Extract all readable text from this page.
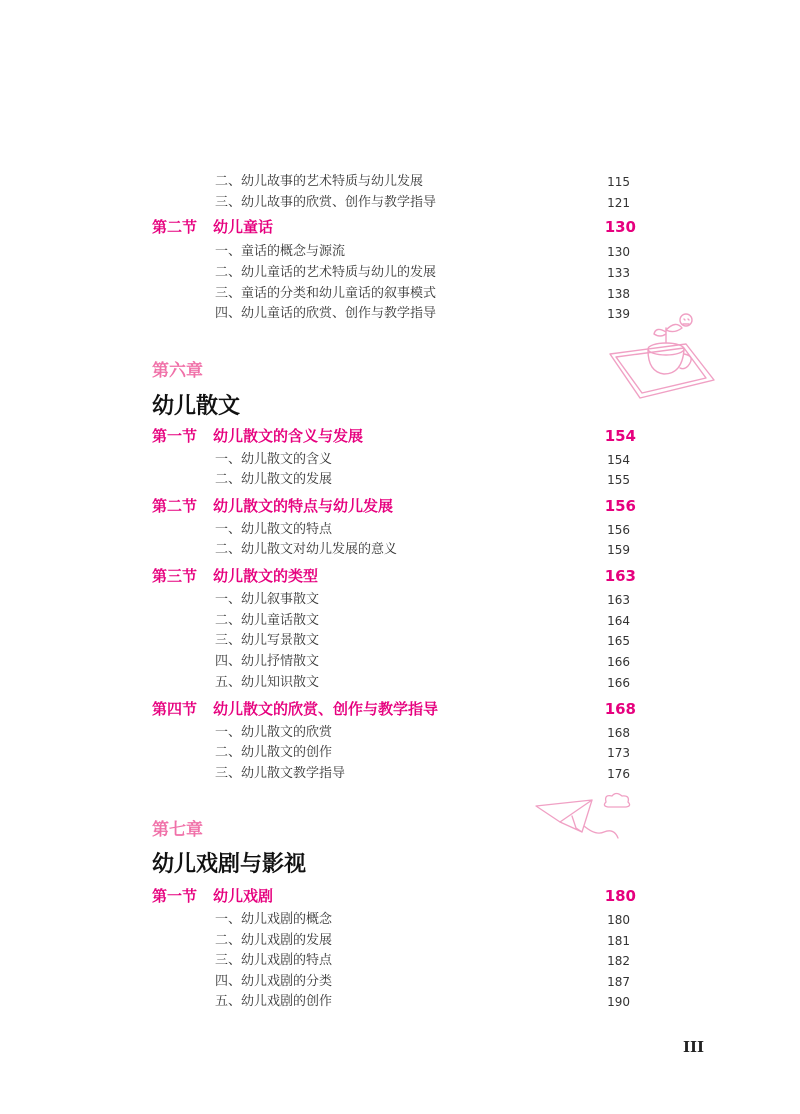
二、幼儿故事的艺术特质与幼儿发展	115
三、幼儿故事的欣赏、创作与教学指导	121
第二节 幼儿童话	130
一、童话的概念与源流	130
二、幼儿童话的艺术特质与幼儿的发展	133
三、童话的分类和幼儿童话的叙事模式	138
四、幼儿童话的欣赏、创作与教学指导	139
第六章
幼儿散文
第一节 幼儿散文的含义与发展	154
一、幼儿散文的含义	154
二、幼儿散文的发展	155
第二节 幼儿散文的特点与幼儿发展	156
一、幼儿散文的特点	156
二、幼儿散文对幼儿发展的意义	159
第三节 幼儿散文的类型	163
一、幼儿叙事散文	163
二、幼儿童话散文	164
三、幼儿写景散文	165
四、幼儿抒情散文	166
五、幼儿知识散文	166
第四节 幼儿散文的欣赏、创作与教学指导	168
一、幼儿散文的欣赏	168
二、幼儿散文的创作	173
三、幼儿散文教学指导	176
第七章
幼儿戏剧与影视
第一节 幼儿戏剧	180
一、幼儿戏剧的概念	180
二、幼儿戏剧的发展	181
三、幼儿戏剧的特点	182
四、幼儿戏剧的分类	187
五、幼儿戏剧的创作	190
III
